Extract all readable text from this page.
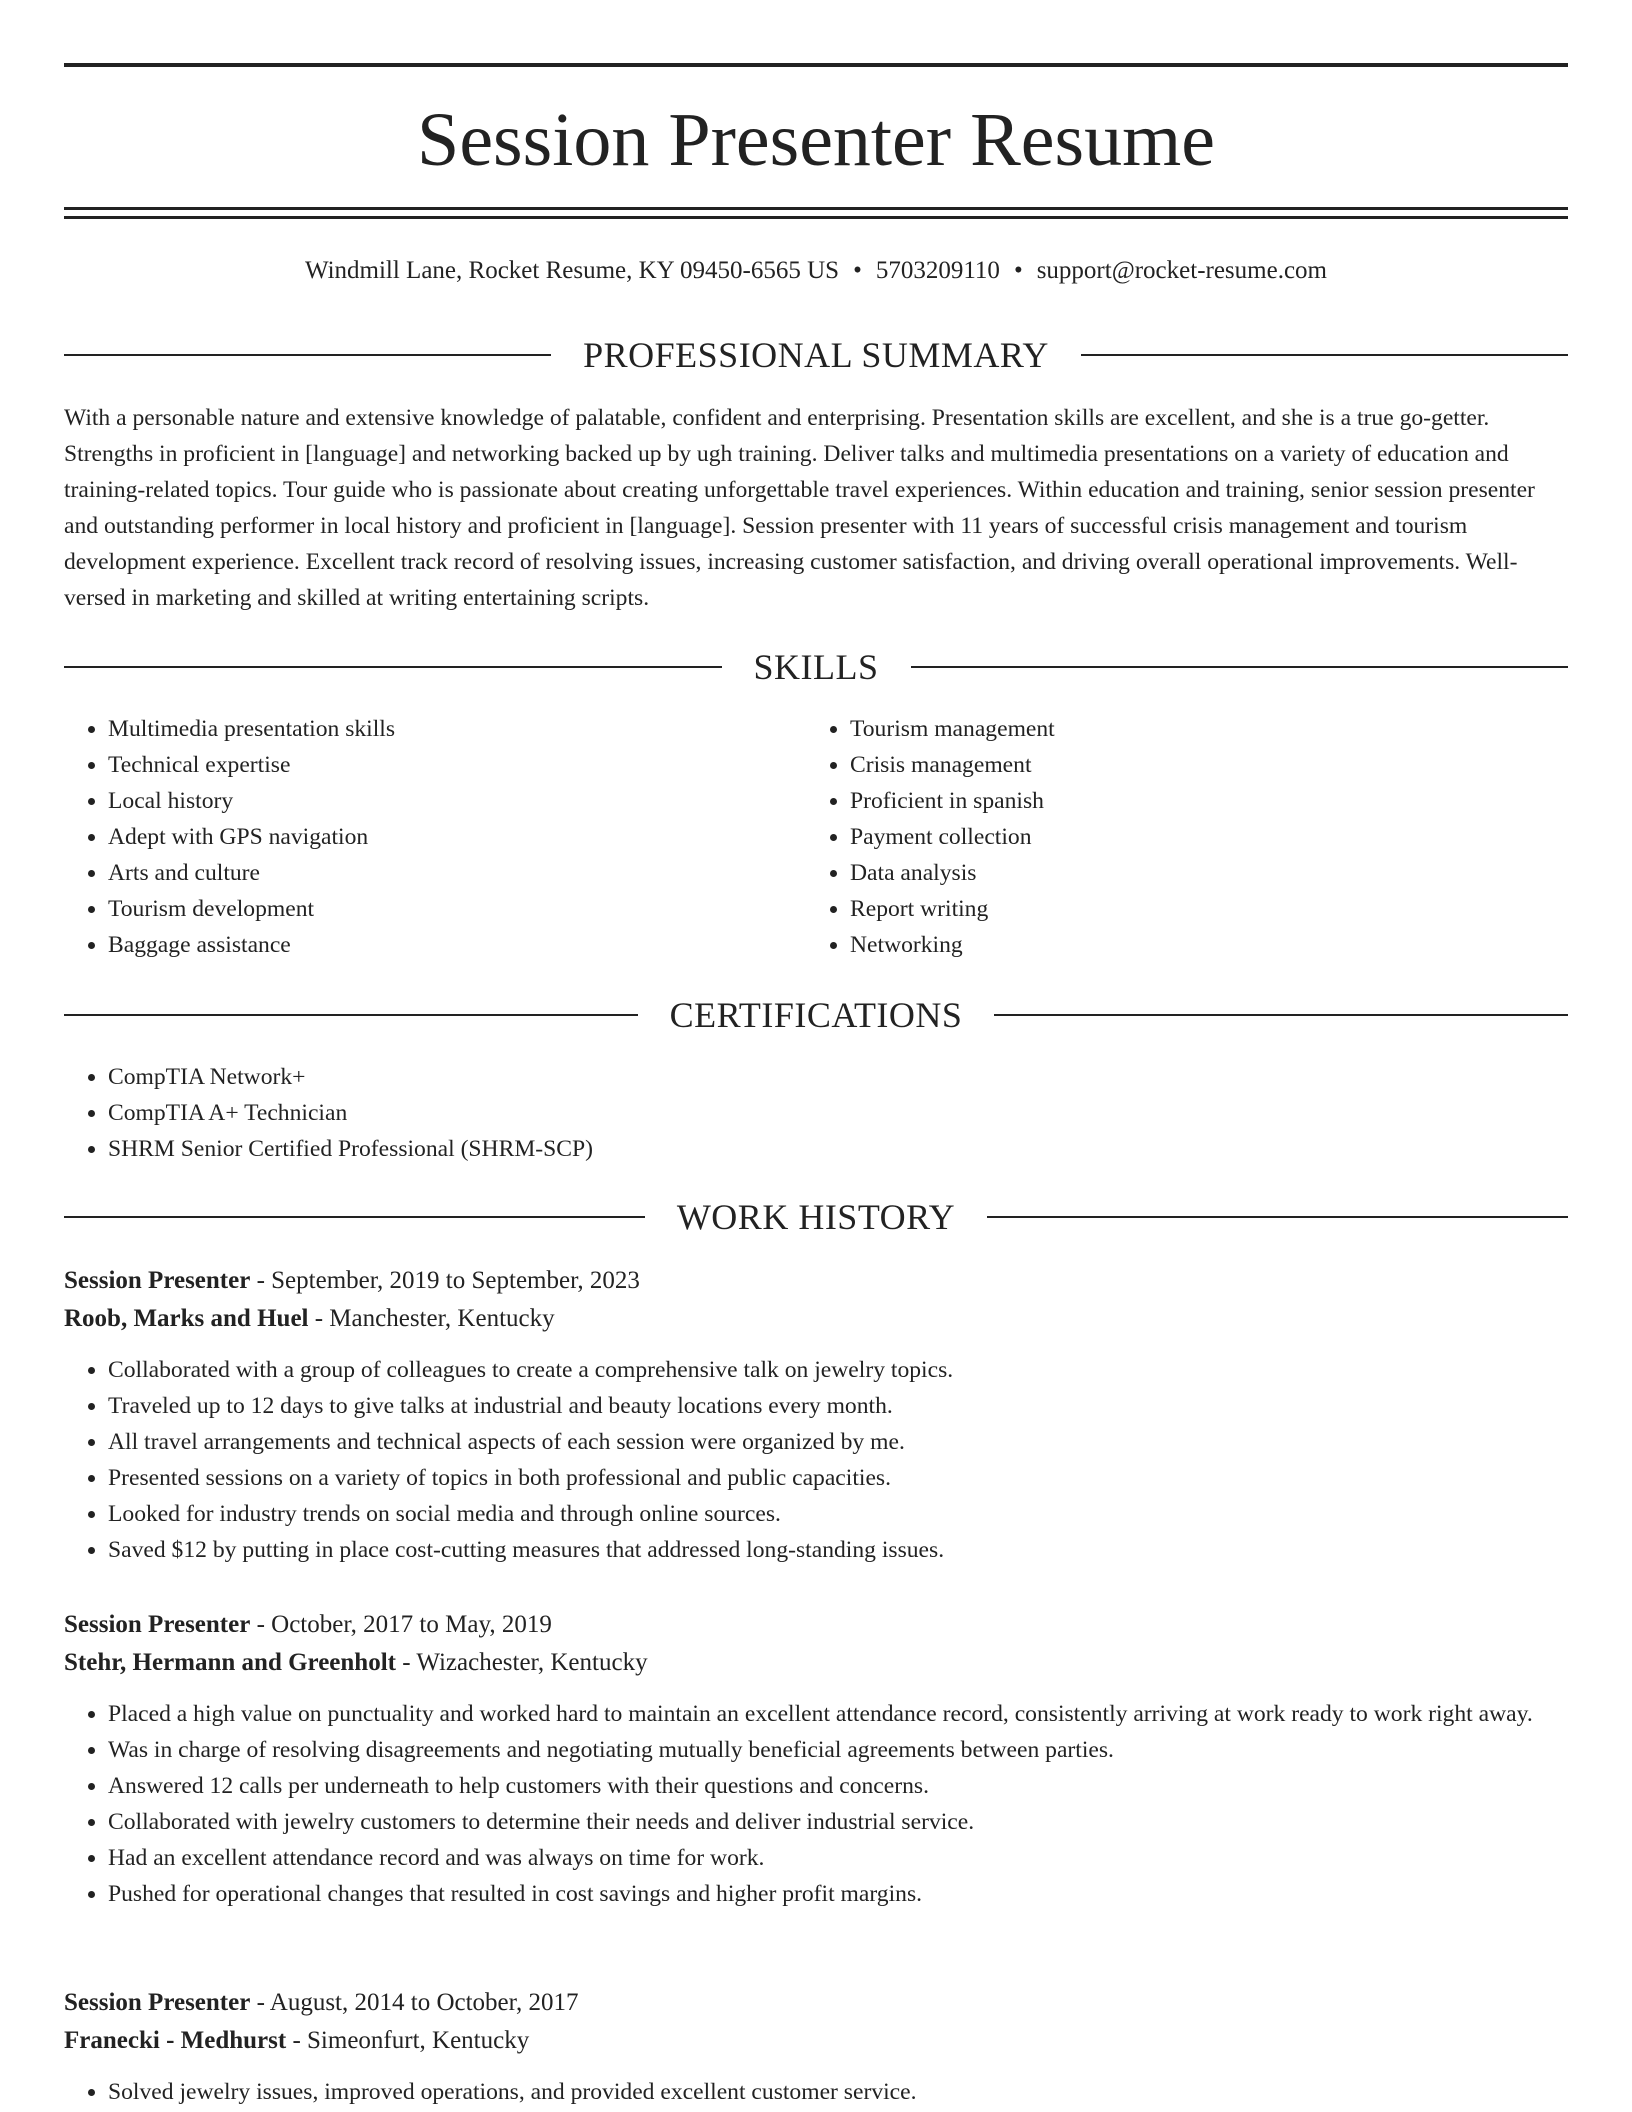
Session Presenter Resume
Windmill Lane, Rocket Resume, KY 09450-6565 US • 5703209110 • support@rocket-resume.com
PROFESSIONAL SUMMARY

With a personable nature and extensive knowledge of palatable, confident and enterprising. Presentation skills are excellent, and she is a true go-getter. Strengths in proficient in [language] and networking backed up by ugh training. Deliver talks and multimedia presentations on a variety of education and training-related topics. Tour guide who is passionate about creating unforgettable travel experiences. Within education and training, senior session presenter and outstanding performer in local history and proficient in [language]. Session presenter with 11 years of successful crisis management and tourism development experience. Excellent track record of resolving issues, increasing customer satisfaction, and driving overall operational improvements. Well-versed in marketing and skilled at writing entertaining scripts.

SKILLS
• Multimedia presentation skills
• Technical expertise
• Local history
• Adept with GPS navigation
• Arts and culture
• Tourism development
• Baggage assistance
• Tourism management
• Crisis management
• Proficient in spanish
• Payment collection
• Data analysis
• Report writing
• Networking
CERTIFICATIONS
• CompTIA Network+
• CompTIA A+ Technician
• SHRM Senior Certified Professional (SHRM-SCP)
WORK HISTORY
Session Presenter - September, 2019 to September, 2023
Roob, Marks and Huel - Manchester, Kentucky
• Collaborated with a group of colleagues to create a comprehensive talk on jewelry topics.
• Traveled up to 12 days to give talks at industrial and beauty locations every month.
• All travel arrangements and technical aspects of each session were organized by me.
• Presented sessions on a variety of topics in both professional and public capacities.
• Looked for industry trends on social media and through online sources.
• Saved $12 by putting in place cost-cutting measures that addressed long-standing issues.
Session Presenter - October, 2017 to May, 2019
Stehr, Hermann and Greenholt - Wizachester, Kentucky
• Placed a high value on punctuality and worked hard to maintain an excellent attendance record, consistently arriving at work ready to work right away.
• Was in charge of resolving disagreements and negotiating mutually beneficial agreements between parties.
• Answered 12 calls per underneath to help customers with their questions and concerns.
• Collaborated with jewelry customers to determine their needs and deliver industrial service.
• Had an excellent attendance record and was always on time for work.
• Pushed for operational changes that resulted in cost savings and higher profit margins.
Session Presenter - August, 2014 to October, 2017
Franecki - Medhurst - Simeonfurt, Kentucky
• Solved jewelry issues, improved operations, and provided excellent customer service.
